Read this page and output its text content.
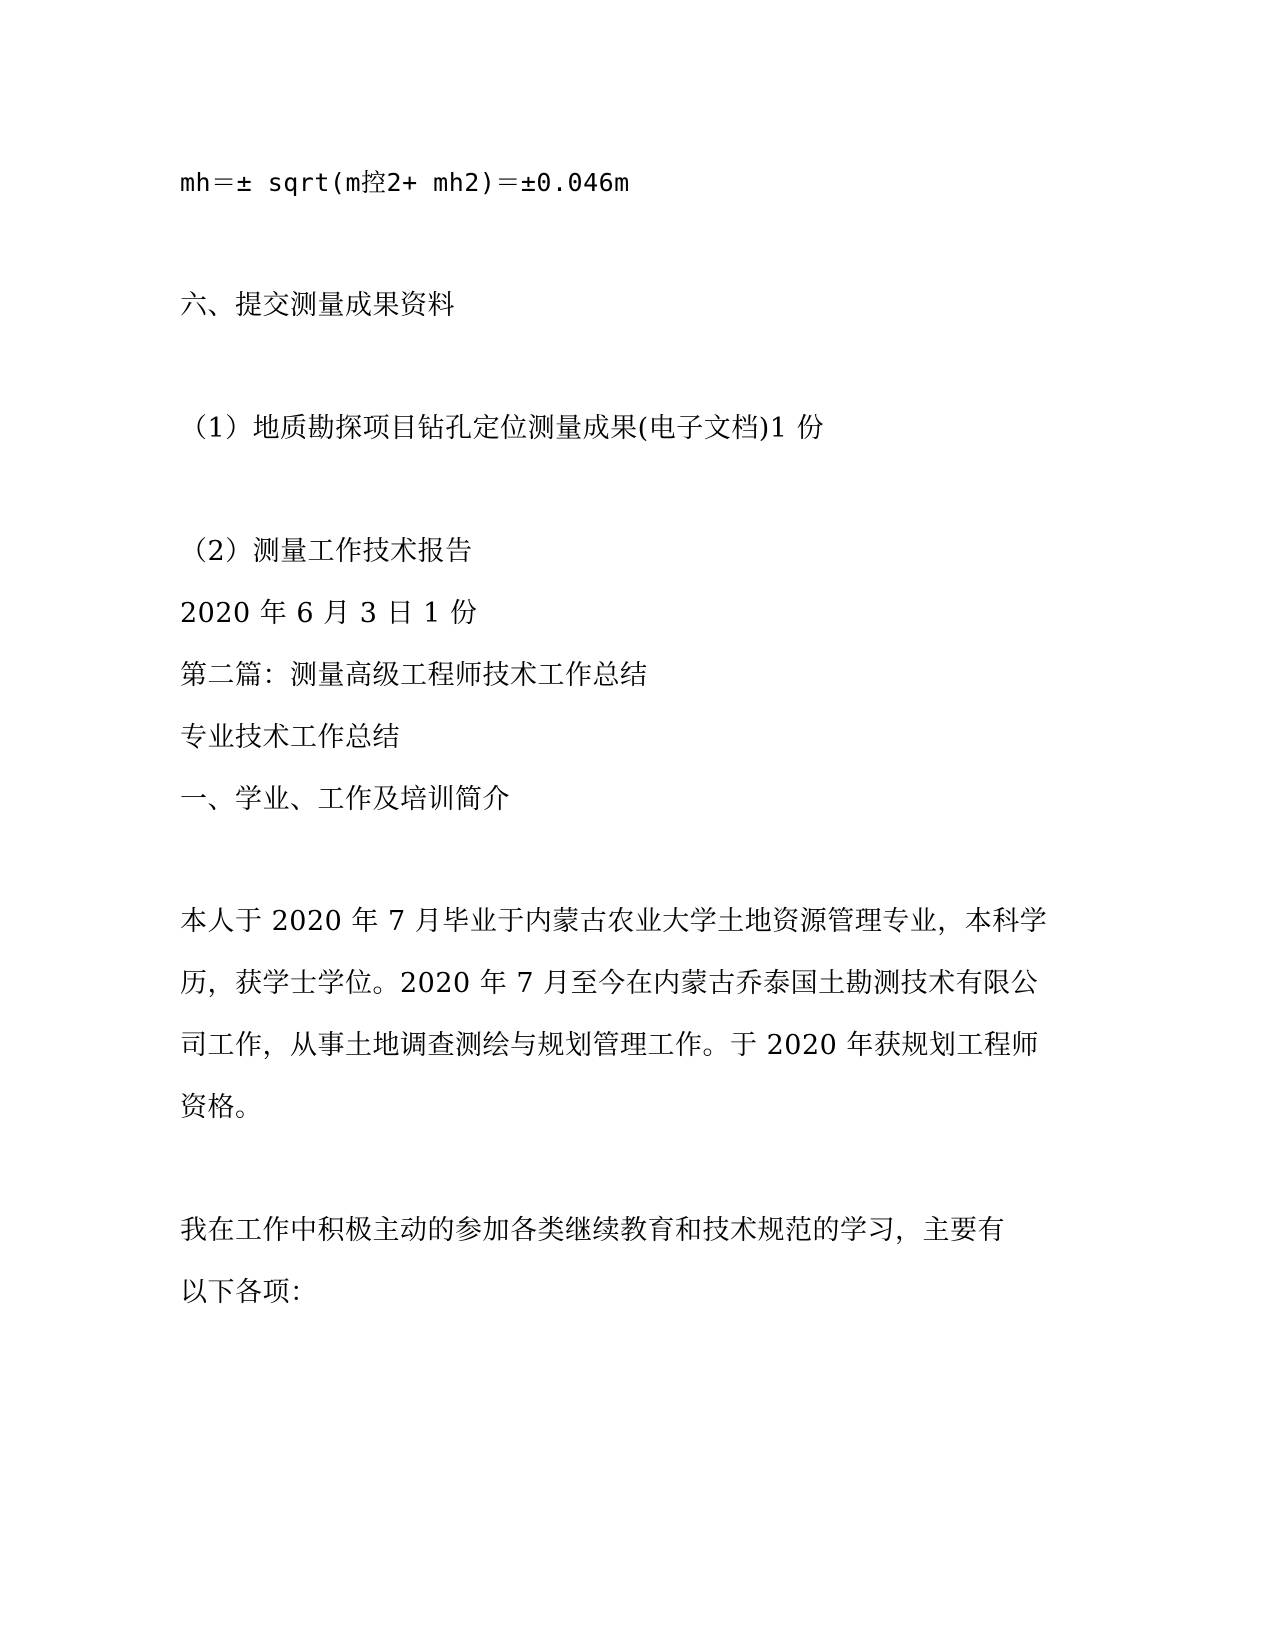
mh＝± sqrt(m控2+ mh2)＝±0.046m
六、提交测量成果资料
（1）地质勘探项目钻孔定位测量成果(电子文档)1 份
（2）测量工作技术报告
2020 年 6 月 3 日 1 份
第二篇：测量高级工程师技术工作总结
专业技术工作总结
一、学业、工作及培训简介
本人于 2020 年 7 月毕业于内蒙古农业大学土地资源管理专业，本科学
历，获学士学位。2020 年 7 月至今在内蒙古乔泰国土勘测技术有限公
司工作，从事土地调查测绘与规划管理工作。于 2020 年获规划工程师
资格。
我在工作中积极主动的参加各类继续教育和技术规范的学习，主要有
以下各项：
